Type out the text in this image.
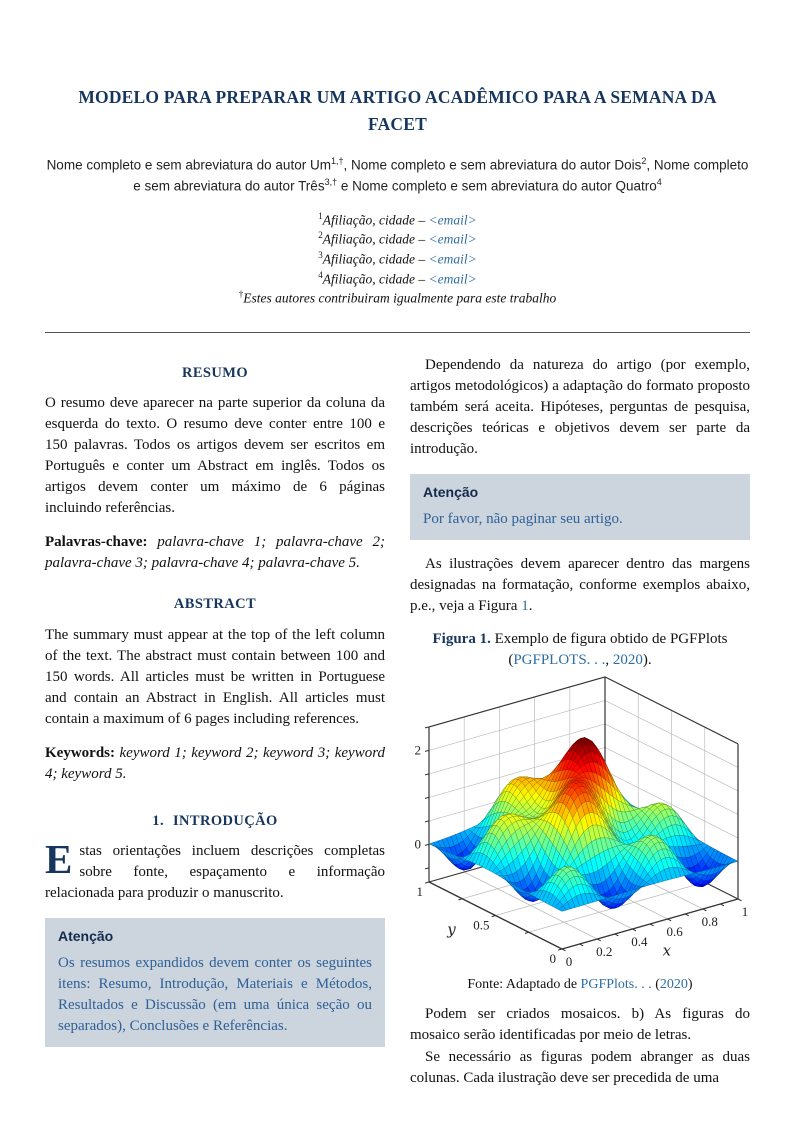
MODELO PARA PREPARAR UM ARTIGO ACADÊMICO PARA A SEMANA DA FACET

Nome completo e sem abreviatura do autor $Um^{1,\dagger}$, Nome completo e sem abreviatura do autor Dois$^2$, Nome completo e sem abreviatura do autor Três$^{3,\dagger}$ e Nome completo e sem abreviatura do autor Quatro$^4$

$^1$Afiliação, cidade – <email>
$^2$Afiliação, cidade – <email>
$^3$Afiliação, cidade – <email>
$^4$Afiliação, cidade – <email>
†Estes autores contribuiram igualmente para este trabalho
RESUMO

O resumo deve aparecer na parte superior da coluna da esquerda do texto. O resumo deve conter entre 100 e 150 palavras. Todos os artigos devem ser escritos em Português e conter um Abstract em inglês. Todos os artigos devem conter um máximo de 6 páginas incluindo referências.

Palavras-chave: palavra-chave 1; palavra-chave 2; palavra-chave 3; palavra-chave 4; palavra-chave 5.

ABSTRACT

The summary must appear at the top of the left column of the text. The abstract must contain between 100 and 150 words. All articles must be written in Portuguese and contain an Abstract in English. All articles must contain a maximum of 6 pages including references.

Keywords: keyword 1; keyword 2; keyword 3; keyword 4; keyword 5.

1. INTRODUÇÃO

Estas orientações incluem descrições completas sobre fonte, espaçamento e informação relacionada para produzir o manuscrito.

Atenção

Os resumos expandidos devem conter os seguintes itens: Resumo, Introdução, Materiais e Métodos, Resultados e Discussão (em uma única seção ou separados), Conclusões e Referências.

Dependendo da natureza do artigo (por exemplo, artigos metodológicos) a adaptação do formato proposto também será aceita. Hipóteses, perguntas de pesquisa, descrições teóricas e objetivos devem ser parte da introdução.

Atenção

Por favor, não paginar seu artigo.

As ilustrações devem aparecer dentro das margens designadas na formatação, conforme exemplos abaixo, p.e., veja a Figura 1.

Figura 1. Exemplo de figura obtido de PGFPlots (PGFPLOTS. . ., 2020).
Fonte: Adaptado de PGFPlots. . . (2020)

Podem ser criados mosaicos. b) As figuras do mosaico serão identificadas por meio de letras.

Se necessário as figuras podem abranger as duas colunas. Cada ilustração deve ser precedida de uma
